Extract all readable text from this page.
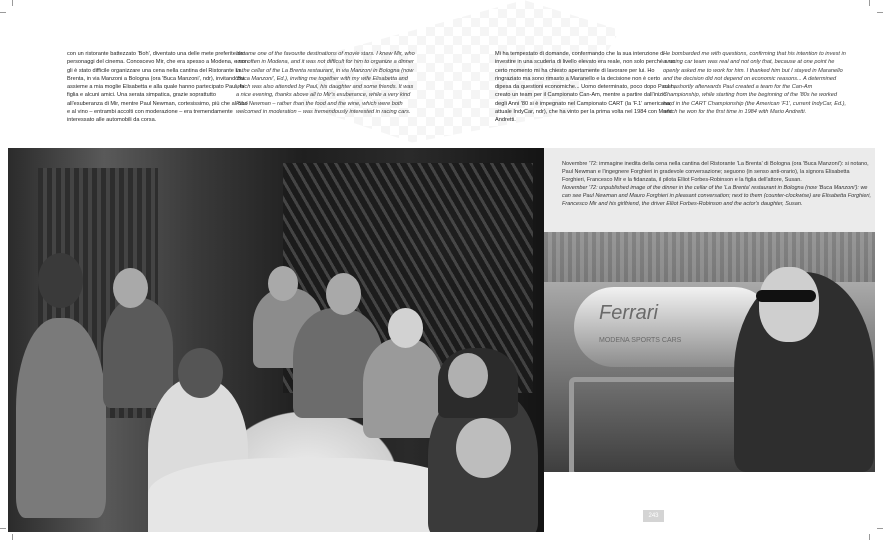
con un ristorante battezzato 'Boh', diventato una delle mete preferite dei personaggi del cinema. Conoscevo Mir, che era spesso a Modena, e non gli è stato difficile organizzare una cena nella cantina del Ristorante La Brenta, in via Manzoni a Bologna (ora 'Buca Manzoni', ndr), invitandomi assieme a mia moglie Elisabetta e alla quale hanno partecipato Paul, la figlia e alcuni amici. Una serata simpatica, grazie soprattutto all'esuberanza di Mir, mentre Paul Newman, cortesissimo, più che al cibo e al vino – entrambi accolti con moderazione – era tremendamente interessato alle automobili da corsa.

became one of the favourite destinations of movie stars. I knew Mir, who was often in Modena, and it was not difficult for him to organize a dinner in the cellar of the La Brenta restaurant, in via Manzoni in Bologna (now 'Buca Manzoni', Ed.), inviting me together with my wife Elisabetta and which was also attended by Paul, his daughter and some friends. It was a nice evening, thanks above all to Mir's exuberance, while a very kind Paul Newman – rather than the food and the wine, which were both welcomed in moderation – was tremendously interested in racing cars.

Mi ha tempestato di domande, confermando che la sua intenzione di investire in una scuderia di livello elevato era reale, non solo perché a un certo momento mi ha chiesto apertamente di lavorare per lui. Ho ringraziato ma sono rimasto a Maranello e la decisione non è certo dipesa da questioni economiche... Uomo determinato, poco dopo Paul ha creato un team per il Campionato Can-Am, mentre a partire dall'inizio degli Anni '80 si è impegnato nel Campionato CART (la 'F.1' americana, attuale IndyCar, ndr), che ha vinto per la prima volta nel 1984 con Mario Andretti.

He bombarded me with questions, confirming that his intention to invest in a racing car team was real and not only that, because at one point he openly asked me to work for him. I thanked him but I stayed in Maranello and the decision did not depend on economic reasons... A determined man, shortly afterwards Paul created a team for the Can-Am Championship, while starting from the beginning of the '80s he worked hard in the CART Championship (the American 'F1', current IndyCar, Ed.), which he won for the first time in 1984 with Mario Andretti.

Novembre '72: immagine inedita della cena nella cantina del Ristorante 'La Brenta' di Bologna (ora 'Buca Manzoni'): si notano, Paul Newman e l'ingegnere Forghieri in gradevole conversazione; seguono (in senso anti-orario), la signora Elisabetta Forghieri, Francesco Mir e la fidanzata, il pilota Elliot Forbes-Robinson e la figlia dell'attore, Susan.
November '72: unpublished image of the dinner in the cellar of the 'La Brenta' restaurant in Bologna (now 'Buca Manzoni'): we can see Paul Newman and Mauro Forghieri in pleasant conversation; next to them (counter-clockwise) are Elisabetta Forghieri, Francesco Mir and his girlfriend, the driver Elliot Forbes-Robinson and the actor's daughter, Susan.

Ferrari
MODENA SPORTS CARS
243
